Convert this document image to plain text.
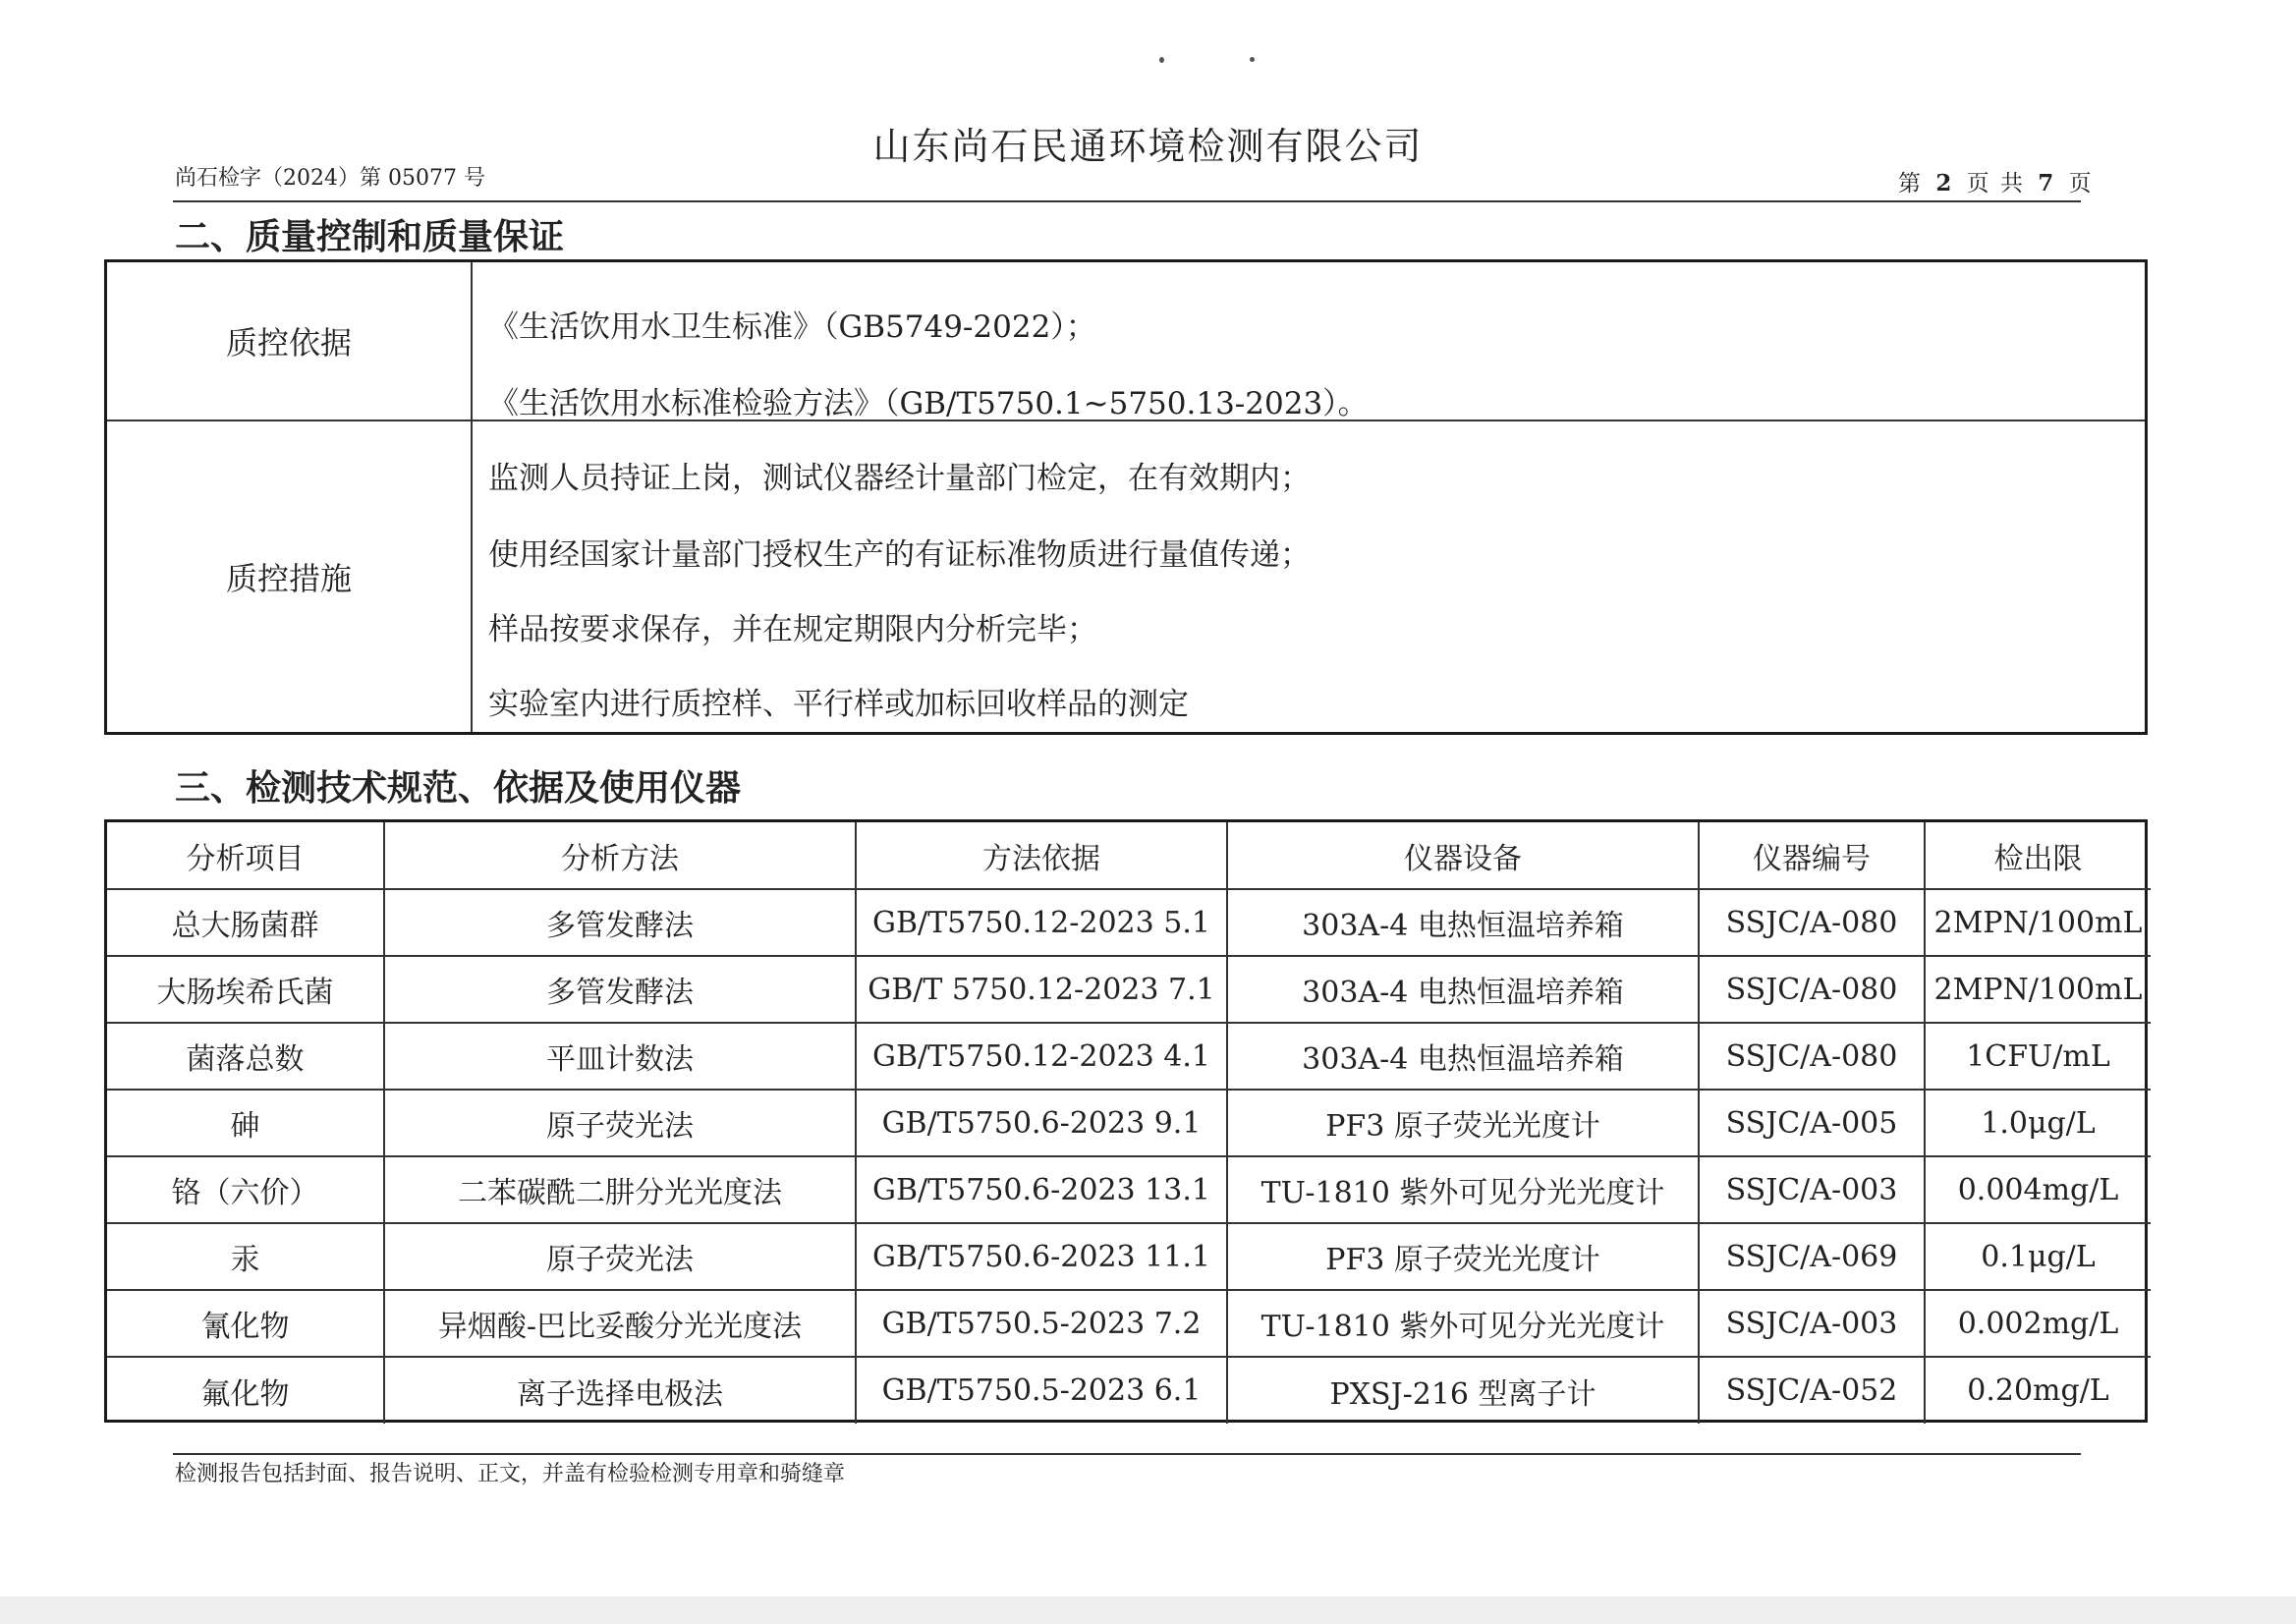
山东尚石民通环境检测有限公司
尚石检字（2024）第 05077 号	第 2 页 共 7 页
二、质量控制和质量保证
质控依据	《生活饮用水卫生标准》（GB5749-2022）；
《生活饮用水标准检验方法》（GB/T5750.1~5750.13-2023）。
质控措施
监测人员持证上岗，测试仪器经计量部门检定，在有效期内；
使用经国家计量部门授权生产的有证标准物质进行量值传递；
样品按要求保存，并在规定期限内分析完毕；
实验室内进行质控样、平行样或加标回收样品的测定
三、检测技术规范、依据及使用仪器
分析项目	分析方法	方法依据	仪器设备	仪器编号	检出限
总大肠菌群	多管发酵法	GB/T5750.12-2023 5.1	303A-4 电热恒温培养箱	SSJC/A-080	2MPN/100mL
大肠埃希氏菌	多管发酵法	GB/T 5750.12-2023 7.1	303A-4 电热恒温培养箱	SSJC/A-080	2MPN/100mL
菌落总数	平皿计数法	GB/T5750.12-2023 4.1	303A-4 电热恒温培养箱	SSJC/A-080	1CFU/mL
砷	原子荧光法	GB/T5750.6-2023 9.1	PF3 原子荧光光度计	SSJC/A-005	1.0μg/L
铬（六价）	二苯碳酰二肼分光光度法	GB/T5750.6-2023 13.1	TU-1810 紫外可见分光光度计	SSJC/A-003	0.004mg/L
汞	原子荧光法	GB/T5750.6-2023 11.1	PF3 原子荧光光度计	SSJC/A-069	0.1μg/L
氰化物	异烟酸-巴比妥酸分光光度法	GB/T5750.5-2023 7.2	TU-1810 紫外可见分光光度计	SSJC/A-003	0.002mg/L
氟化物	离子选择电极法	GB/T5750.5-2023 6.1	PXSJ-216 型离子计	SSJC/A-052	0.20mg/L
检测报告包括封面、报告说明、正文，并盖有检验检测专用章和骑缝章
